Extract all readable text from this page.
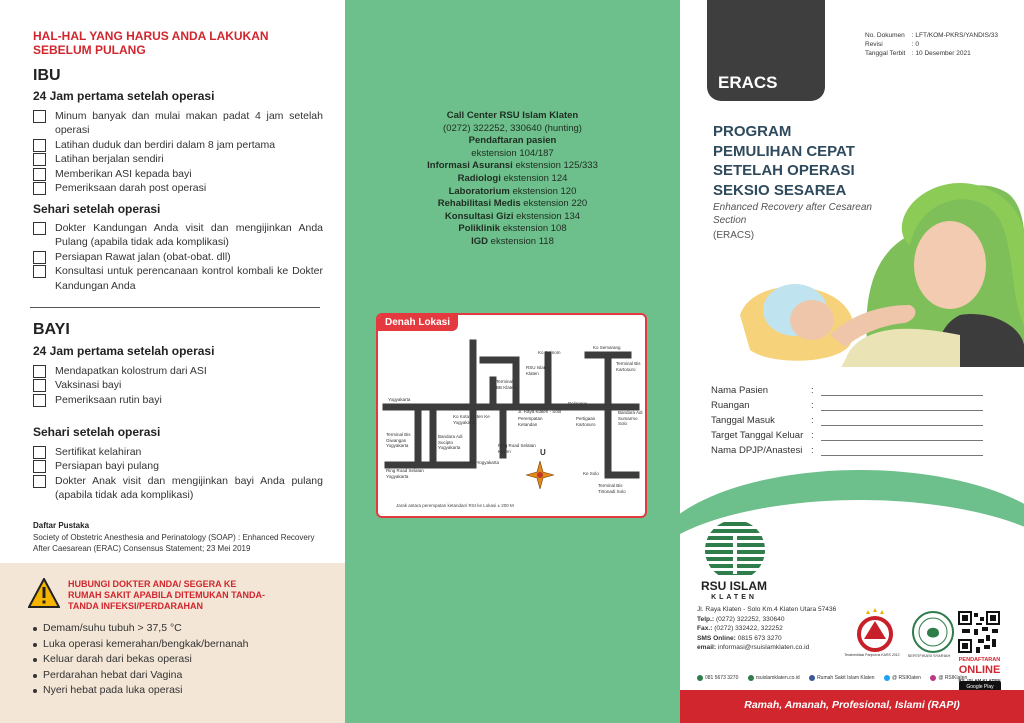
HAL-HAL YANG HARUS ANDA LAKUKAN SEBELUM PULANG
IBU
24 Jam pertama setelah operasi
Minum banyak dan mulai makan padat 4 jam setelah operasi
Latihan duduk dan berdiri dalam 8 jam pertama
Latihan berjalan sendiri
Memberikan ASI kepada bayi
Pemeriksaan darah post operasi
Sehari setelah operasi
Dokter Kandungan Anda visit dan mengijinkan Anda Pulang (apabila tidak ada komplikasi)
Persiapan Rawat jalan (obat-obat. dll)
Konsultasi untuk perencanaan kontrol kombali ke Dokter Kandungan Anda
BAYI
24 Jam pertama setelah operasi
Mendapatkan kolostrum dari ASI
Vaksinasi bayi
Pemeriksaan rutin bayi
Sehari setelah operasi
Sertifikat kelahiran
Persiapan bayi pulang
Dokter Anak visit dan mengijinkan bayi Anda pulang (apabila tidak ada komplikasi)
Daftar Pustaka
Society of Obstetric Anesthesia and Perinatology (SOAP) : Enhanced Recovery After Caesarean (ERAC) Consensus Statement; 23 Mei 2019
HUBUNGI DOKTER ANDA/ SEGERA KE RUMAH SAKIT APABILA DITEMUKAN TANDA-TANDA INFEKSI/PERDARAHAN
Demam/suhu tubuh > 37,5 °C
Luka operasi kemerahan/bengkak/bernanah
Keluar darah dari bekas operasi
Perdarahan hebat dari Vagina
Nyeri hebat pada luka operasi
Call Center RSU Islam Klaten
(0272) 322252, 330640 (hunting)
Pendaftaran pasien
ekstension 104/187
Informasi Asuransi ekstension 125/333
Radiologi ekstension 124
Laboratorium ekstension 120
Rehabilitasi Medis ekstension 220
Konsultasi Gizi ekstension 134
Poliklinik ekstension 108
IGD ekstension 118
Denah Lokasi
Yogyakarta
Ko Jatinom
Ko Semarang
RSU Islam Klaten
Terminal Bis Kartosuro
Terminal BB Klaten
Jl. Raya Klaten - Solo
Delanggu
Ko Kota Klaten Ke Yogyakarta
Perempatan Ketandan
Pertigaan Kartosuro
Bandara Adi Sumarmo Solo
Terminal Bis Giwangan Yogyakarta
Bandara Adi Sucipto Yogyakarta	Ring Road Selatan Klaten
Ring Road Selatan Yogyakarta
Ke Yogyakarta
Ke Solo
Terminal Bis Tirtonadi Solo
U
Jarak antara perempatan ketandan/ RSI ke Lokasi ± 200 M
ERACS
No. Dokumen : LFT/KOM-PKRS/YANDIS/33
Revisi	: 0
Tanggal Terbit : 10 Desember 2021
PROGRAM PEMULIHAN CEPAT SETELAH OPERASI SEKSIO SESAREA
Enhanced Recovery after Cesarean Section
(ERACS)
Nama Pasien	:
Ruangan	:
Tanggal Masuk	:
Target Tanggal Keluar :
Nama DPJP/Anastesi :
RSU ISLAM
KLATEN
Jl. Raya Klaten - Solo Km.4 Klaten Utara 57436
Telp.: (0272) 322252, 330640
Fax.: (0272) 332422, 322252
SMS Online: 0815 673 3270
email: informasi@rsuislamklaten.co.id
Terakreditasi Paripurna KARS 2012	SERTIFIKASI SYARIAH
PENDAFTARAN
ONLINE
Google Play
081 5673 3270	rsuislamklaten.co.id	Rumah Sakit Islam Klaten	@ RSIKlaten	@ RSIKlaten
Ramah, Amanah, Profesional, Islami (RAPI)
